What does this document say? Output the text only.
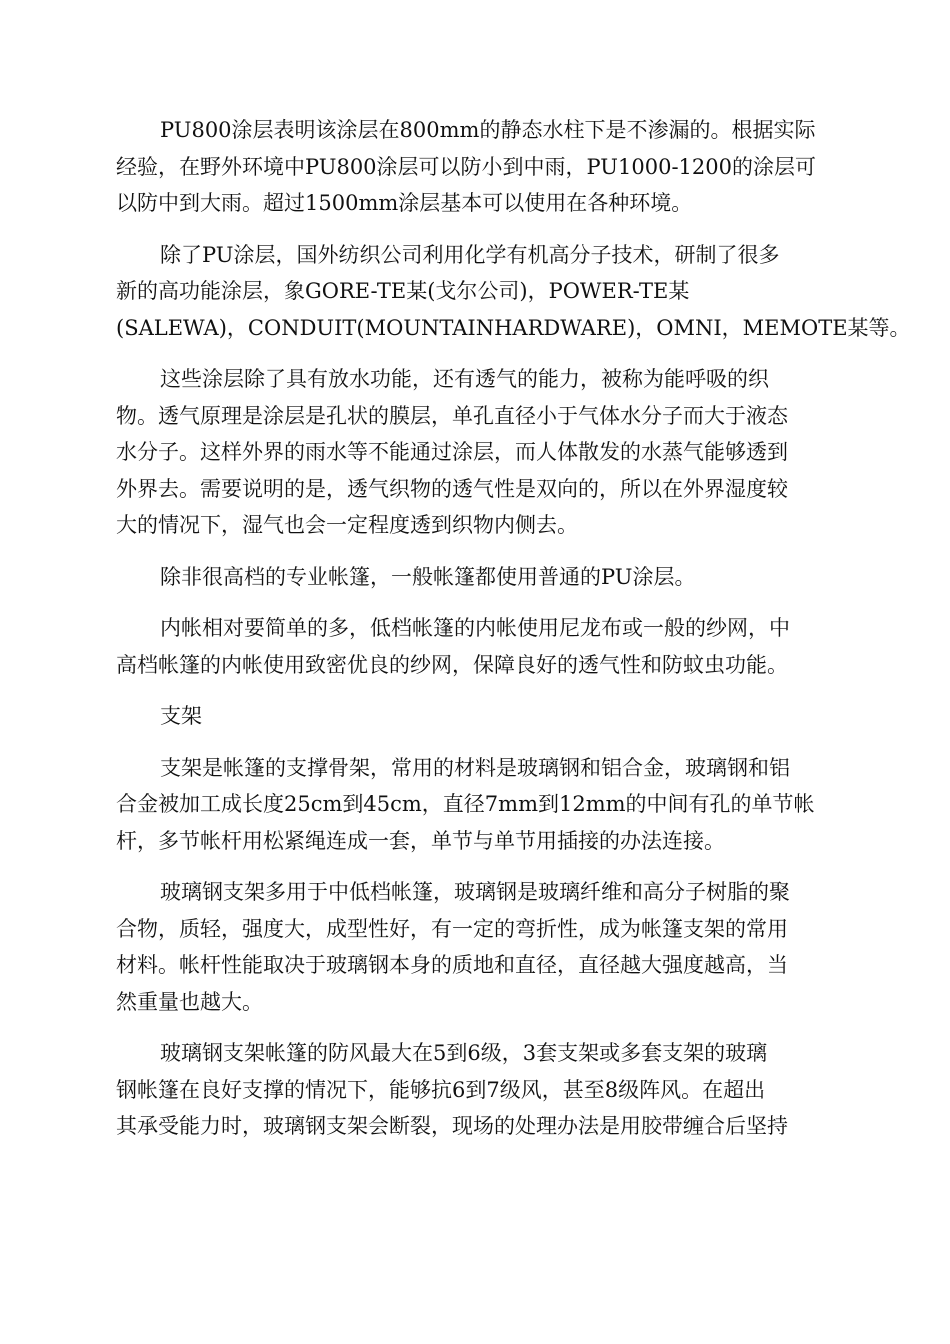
PU800涂层表明该涂层在800mm的静态水柱下是不渗漏的。根据实际
经验，在野外环境中PU800涂层可以防小到中雨，PU1000-1200的涂层可
以防中到大雨。超过1500mm涂层基本可以使用在各种环境。

除了PU涂层，国外纺织公司利用化学有机高分子技术，研制了很多
新的高功能涂层，象GORE-TE某(戈尔公司)，POWER-TE某
(SALEWA)，CONDUIT(MOUNTAINHARDWARE)，OMNI，MEMOTE某等。

这些涂层除了具有放水功能，还有透气的能力，被称为能呼吸的织
物。透气原理是涂层是孔状的膜层，单孔直径小于气体水分子而大于液态
水分子。这样外界的雨水等不能通过涂层，而人体散发的水蒸气能够透到
外界去。需要说明的是，透气织物的透气性是双向的，所以在外界湿度较
大的情况下，湿气也会一定程度透到织物内侧去。

除非很高档的专业帐篷，一般帐篷都使用普通的PU涂层。

内帐相对要简单的多，低档帐篷的内帐使用尼龙布或一般的纱网，中
高档帐篷的内帐使用致密优良的纱网，保障良好的透气性和防蚊虫功能。

支架

支架是帐篷的支撑骨架，常用的材料是玻璃钢和铝合金，玻璃钢和铝
合金被加工成长度25cm到45cm，直径7mm到12mm的中间有孔的单节帐
杆，多节帐杆用松紧绳连成一套，单节与单节用插接的办法连接。

玻璃钢支架多用于中低档帐篷，玻璃钢是玻璃纤维和高分子树脂的聚
合物，质轻，强度大，成型性好，有一定的弯折性，成为帐篷支架的常用
材料。帐杆性能取决于玻璃钢本身的质地和直径，直径越大强度越高，当
然重量也越大。

玻璃钢支架帐篷的防风最大在5到6级，3套支架或多套支架的玻璃
钢帐篷在良好支撑的情况下，能够抗6到7级风，甚至8级阵风。在超出
其承受能力时，玻璃钢支架会断裂，现场的处理办法是用胶带缠合后坚持
